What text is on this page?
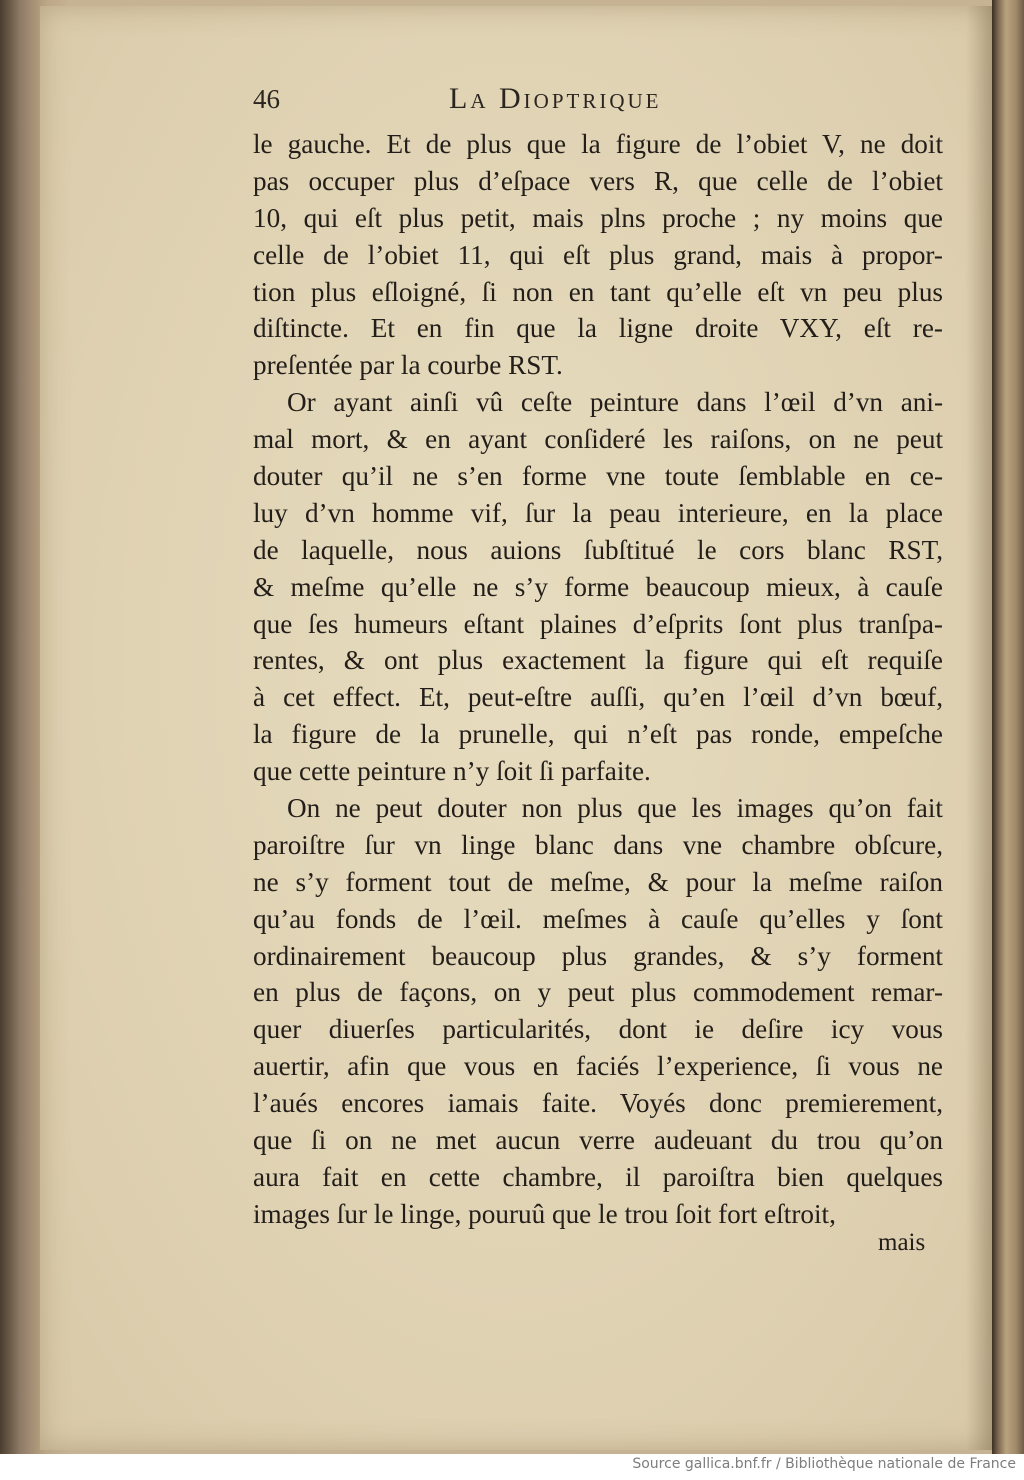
46	La Dioptrique
le gauche. Et de plus que la figure de l’obiet V, ne doit
pas occuper plus d’eſpace vers R, que celle de l’obiet
10, qui eſt plus petit, mais plns proche ; ny moins que
celle de l’obiet 11, qui eſt plus grand, mais à propor-
tion plus eſloigné, ſi non en tant qu’elle eſt vn peu plus
diſtincte. Et en fin que la ligne droite VXY, eſt re-
preſentée par la courbe RST.
Or ayant ainſi vû ceſte peinture dans l’œil d’vn ani-
mal mort, & en ayant conſideré les raiſons, on ne peut
douter qu’il ne s’en forme vne toute ſemblable en ce-
luy d’vn homme vif, ſur la peau interieure, en la place
de laquelle, nous auions ſubſtitué le cors blanc RST,
& meſme qu’elle ne s’y forme beaucoup mieux, à cauſe
que ſes humeurs eſtant plaines d’eſprits ſont plus tranſpa-
rentes, & ont plus exactement la figure qui eſt requiſe
à cet effect. Et, peut-eſtre auſſi, qu’en l’œil d’vn bœuf,
la figure de la prunelle, qui n’eſt pas ronde, empeſche
que cette peinture n’y ſoit ſi parfaite.
On ne peut douter non plus que les images qu’on fait
paroiſtre ſur vn linge blanc dans vne chambre obſcure,
ne s’y forment tout de meſme, & pour la meſme raiſon
qu’au fonds de l’œil. meſmes à cauſe qu’elles y ſont
ordinairement beaucoup plus grandes, & s’y forment
en plus de façons, on y peut plus commodement remar-
quer diuerſes particularités, dont ie deſire icy vous
auertir, afin que vous en faciés l’experience, ſi vous ne
l’aués encores iamais faite. Voyés donc premierement,
que ſi on ne met aucun verre audeuant du trou qu’on
aura fait en cette chambre, il paroiſtra bien quelques
images ſur le linge, pouruû que le trou ſoit fort eſtroit,
mais
Source gallica.bnf.fr / Bibliothèque nationale de France
